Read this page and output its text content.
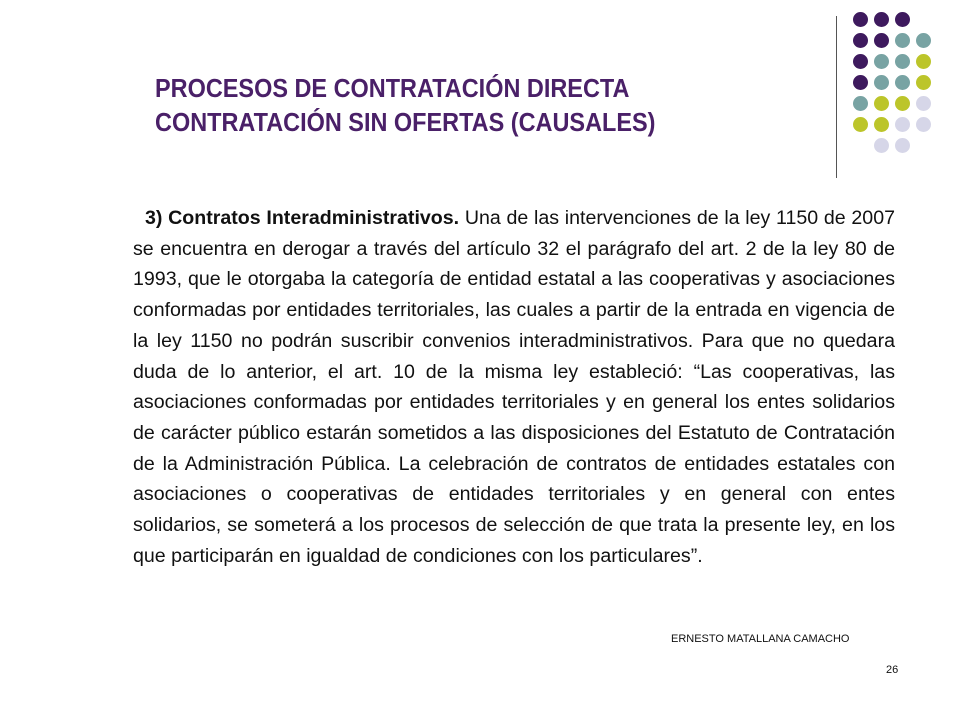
PROCESOS DE CONTRATACIÓN DIRECTA
CONTRATACIÓN SIN OFERTAS (CAUSALES)

3) Contratos Interadministrativos. Una de las intervenciones de la ley 1150 de 2007 se encuentra en derogar a través del artículo 32 el parágrafo del art. 2 de la ley 80 de 1993, que le otorgaba la categoría de entidad estatal a las cooperativas y asociaciones conformadas por entidades territoriales, las cuales a partir de la entrada en vigencia de la ley 1150 no podrán suscribir convenios interadministrativos. Para que no quedara duda de lo anterior, el art. 10 de la misma ley estableció: “Las cooperativas, las asociaciones conformadas por entidades territoriales y en general los entes solidarios de carácter público estarán sometidos a las disposiciones del Estatuto de Contratación de la Administración Pública. La celebración de contratos de entidades estatales con asociaciones o cooperativas de entidades territoriales y en general con entes solidarios, se someterá a los procesos de selección de que trata la presente ley, en los que participarán en igualdad de condiciones con los particulares”.

ERNESTO MATALLANA CAMACHO
26
